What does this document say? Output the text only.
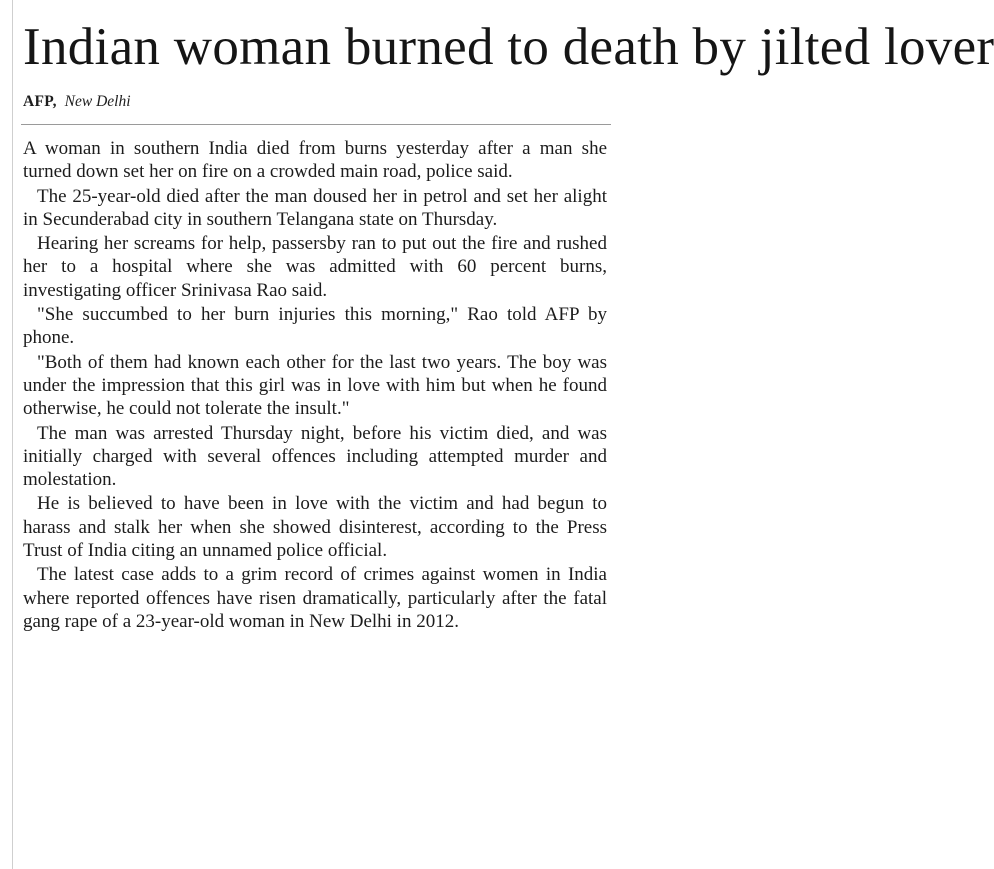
Indian woman burned to death by jilted lover
AFP, New Delhi

A woman in southern India died from burns yesterday after a man she turned down set her on fire on a crowded main road, police said.

The 25-year-old died after the man doused her in petrol and set her alight in Secunderabad city in southern Telangana state on Thursday.

Hearing her screams for help, passersby ran to put out the fire and rushed her to a hospital where she was admitted with 60 percent burns, investigating officer Srinivasa Rao said.

"She succumbed to her burn injuries this morning," Rao told AFP by phone.

"Both of them had known each other for the last two years. The boy was under the impression that this girl was in love with him but when he found otherwise, he could not tolerate the insult."

The man was arrested Thursday night, before his victim died, and was initially charged with several offences including attempted murder and molestation.

He is believed to have been in love with the victim and had begun to harass and stalk her when she showed disinterest, according to the Press Trust of India citing an unnamed police official.

The latest case adds to a grim record of crimes against women in India where reported offences have risen dramatically, particularly after the fatal gang rape of a 23-year-old woman in New Delhi in 2012.
